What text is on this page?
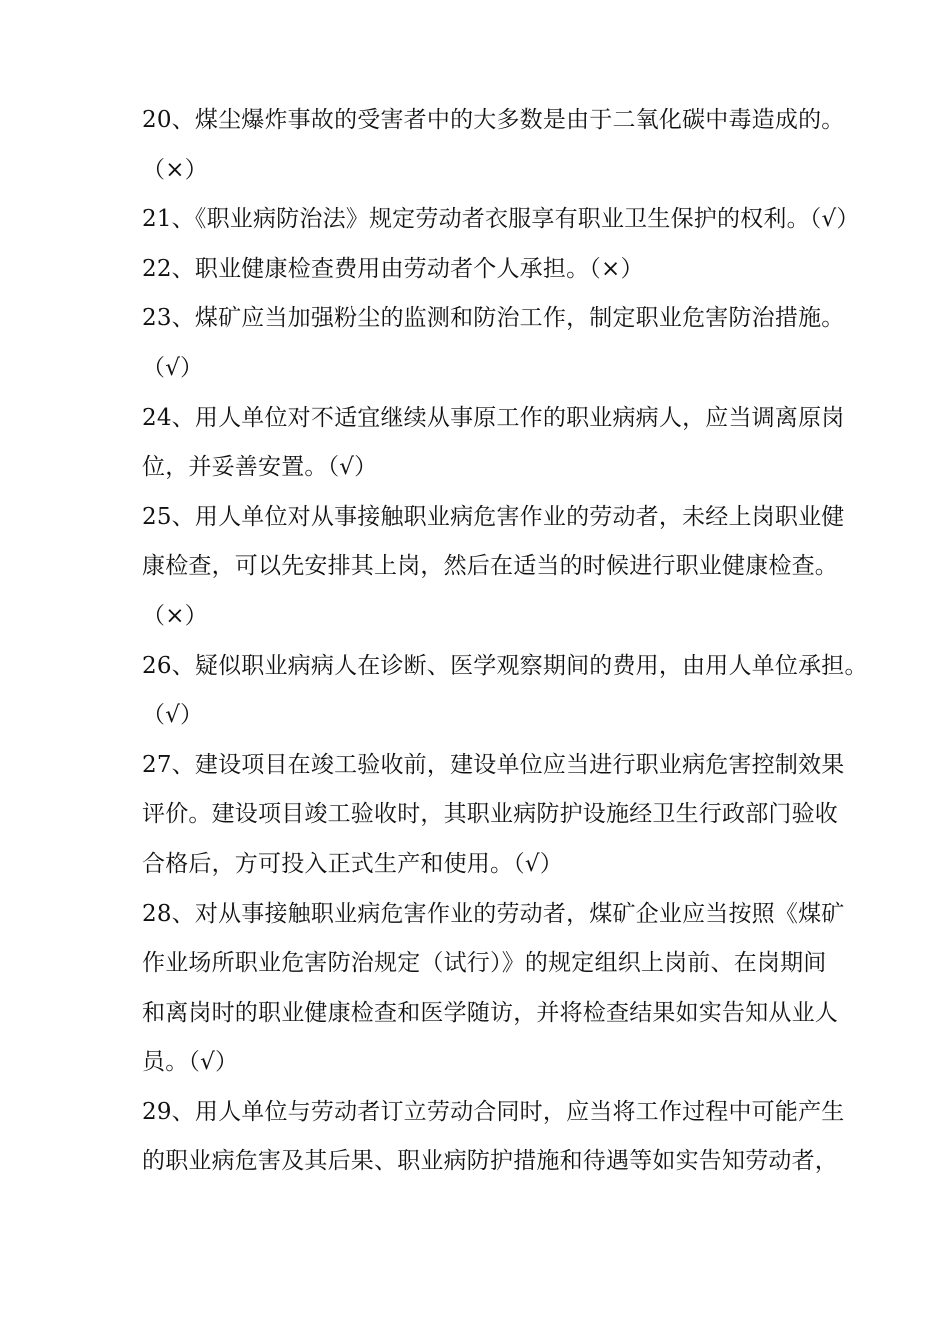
20、煤尘爆炸事故的受害者中的大多数是由于二氧化碳中毒造成的。
（×）
21、《职业病防治法》规定劳动者衣服享有职业卫生保护的权利。（√）
22、职业健康检查费用由劳动者个人承担。（×）
23、煤矿应当加强粉尘的监测和防治工作，制定职业危害防治措施。
（√）
24、用人单位对不适宜继续从事原工作的职业病病人，应当调离原岗
位，并妥善安置。（√）
25、用人单位对从事接触职业病危害作业的劳动者，未经上岗职业健
康检查，可以先安排其上岗，然后在适当的时候进行职业健康检查。
（×）
26、疑似职业病病人在诊断、医学观察期间的费用，由用人单位承担。
（√）
27、建设项目在竣工验收前，建设单位应当进行职业病危害控制效果
评价。建设项目竣工验收时，其职业病防护设施经卫生行政部门验收
合格后，方可投入正式生产和使用。（√）
28、对从事接触职业病危害作业的劳动者，煤矿企业应当按照《煤矿
作业场所职业危害防治规定（试行）》的规定组织上岗前、在岗期间
和离岗时的职业健康检查和医学随访，并将检查结果如实告知从业人
员。（√）
29、用人单位与劳动者订立劳动合同时，应当将工作过程中可能产生
的职业病危害及其后果、职业病防护措施和待遇等如实告知劳动者，
